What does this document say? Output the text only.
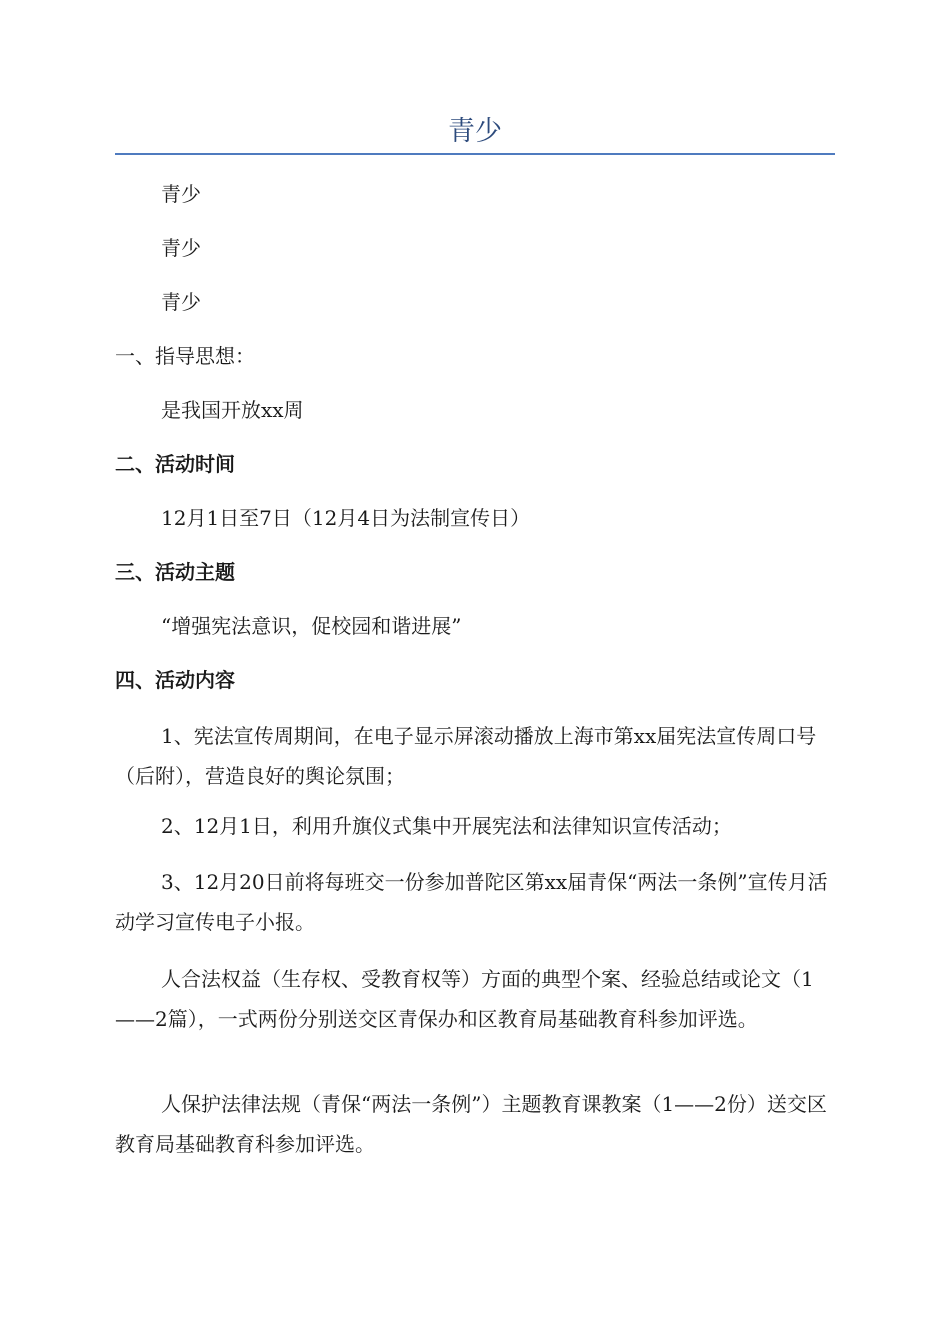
青少

青少

青少

青少

一、指导思想：

是我国开放xx周

二、活动时间

12月1日至7日（12月4日为法制宣传日）

三、活动主题

“增强宪法意识，促校园和谐进展”

四、活动内容

1、宪法宣传周期间，在电子显示屏滚动播放上海市第xx届宪法宣传周口号（后附），营造良好的舆论氛围；

2、12月1日，利用升旗仪式集中开展宪法和法律知识宣传活动；

3、12月20日前将每班交一份参加普陀区第xx届青保“两法一条例”宣传月活动学习宣传电子小报。

人合法权益（生存权、受教育权等）方面的典型个案、经验总结或论文（1——2篇），一式两份分别送交区青保办和区教育局基础教育科参加评选。

人保护法律法规（青保“两法一条例”）主题教育课教案（1——2份）送交区教育局基础教育科参加评选。
